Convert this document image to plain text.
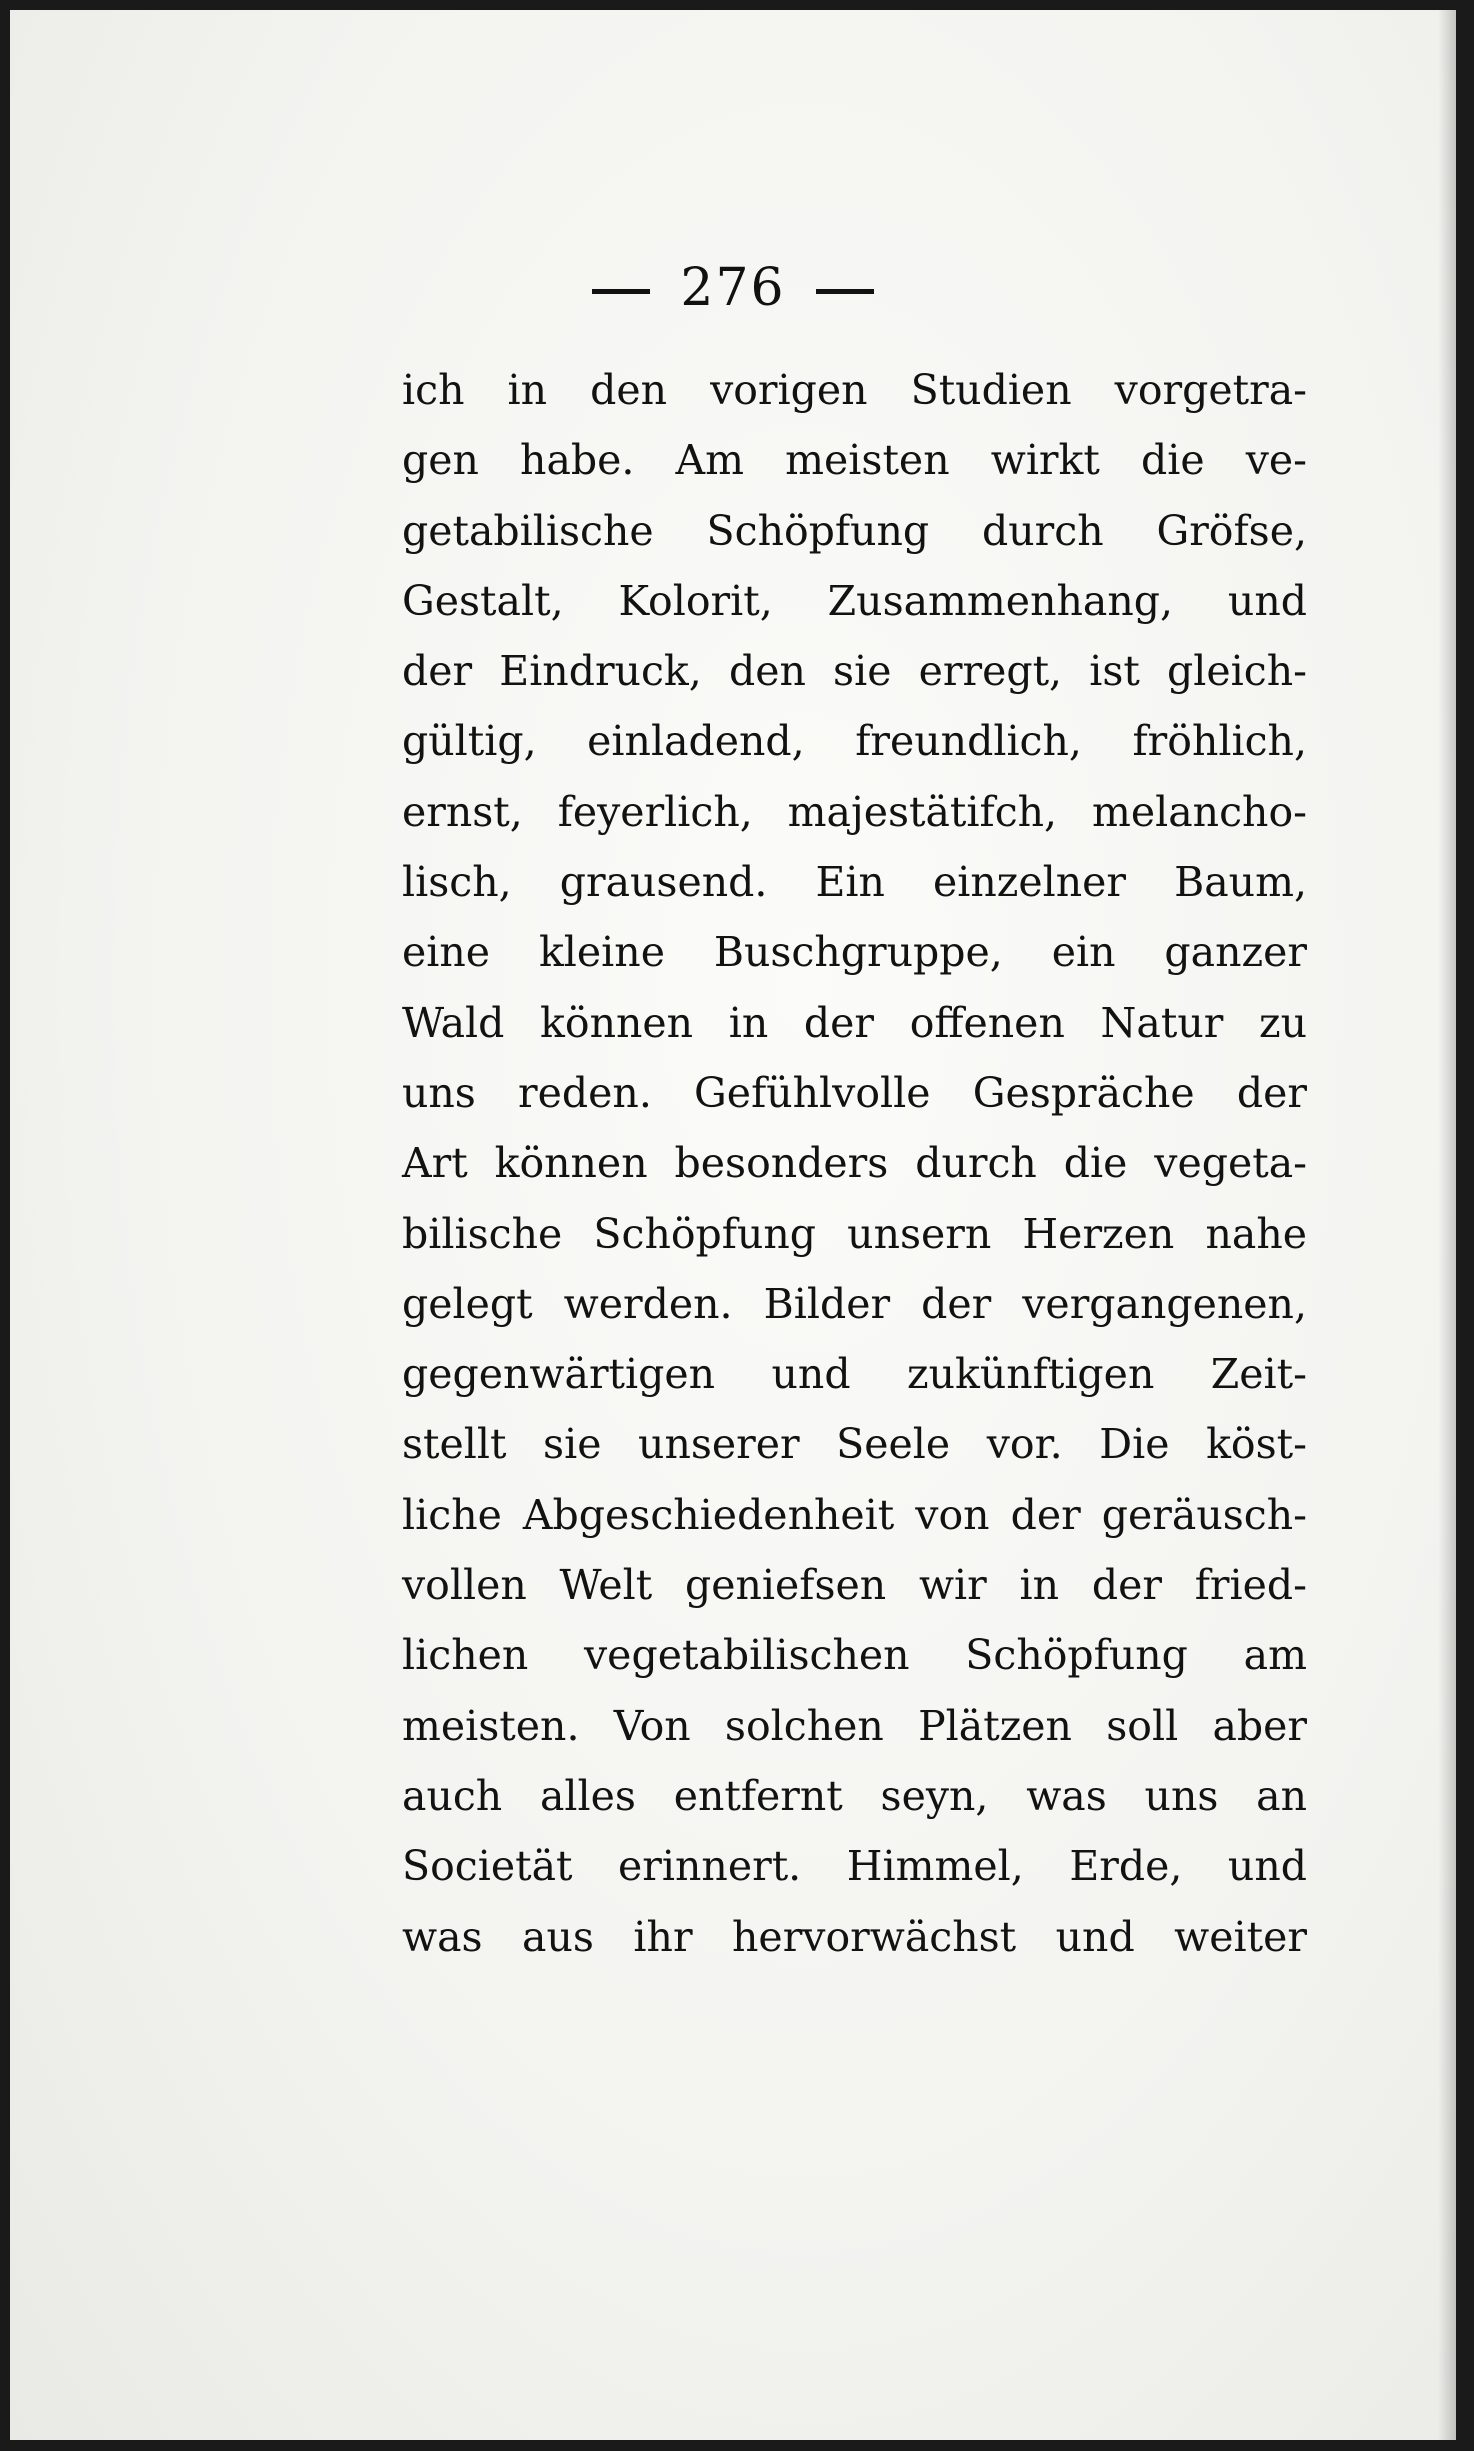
276
ich in den vorigen Studien vorgetra-
gen habe. Am meisten wirkt die ve-
getabilische Schöpfung durch Gröfse,
Gestalt, Kolorit, Zusammenhang, und
der Eindruck, den sie erregt, ist gleich-
gültig, einladend, freundlich, fröhlich,
ernst, feyerlich, majestätifch, melancho-
lisch, grausend. Ein einzelner Baum,
eine kleine Buschgruppe, ein ganzer
Wald können in der offenen Natur zu
uns reden. Gefühlvolle Gespräche der
Art können besonders durch die vegeta-
bilische Schöpfung unsern Herzen nahe
gelegt werden. Bilder der vergangenen,
gegenwärtigen und zukünftigen Zeit-
stellt sie unserer Seele vor. Die köst-
liche Abgeschiedenheit von der geräusch-
vollen Welt geniefsen wir in der fried-
lichen vegetabilischen Schöpfung am
meisten. Von solchen Plätzen soll aber
auch alles entfernt seyn, was uns an
Societät erinnert. Himmel, Erde, und
was aus ihr hervorwächst und weiter
